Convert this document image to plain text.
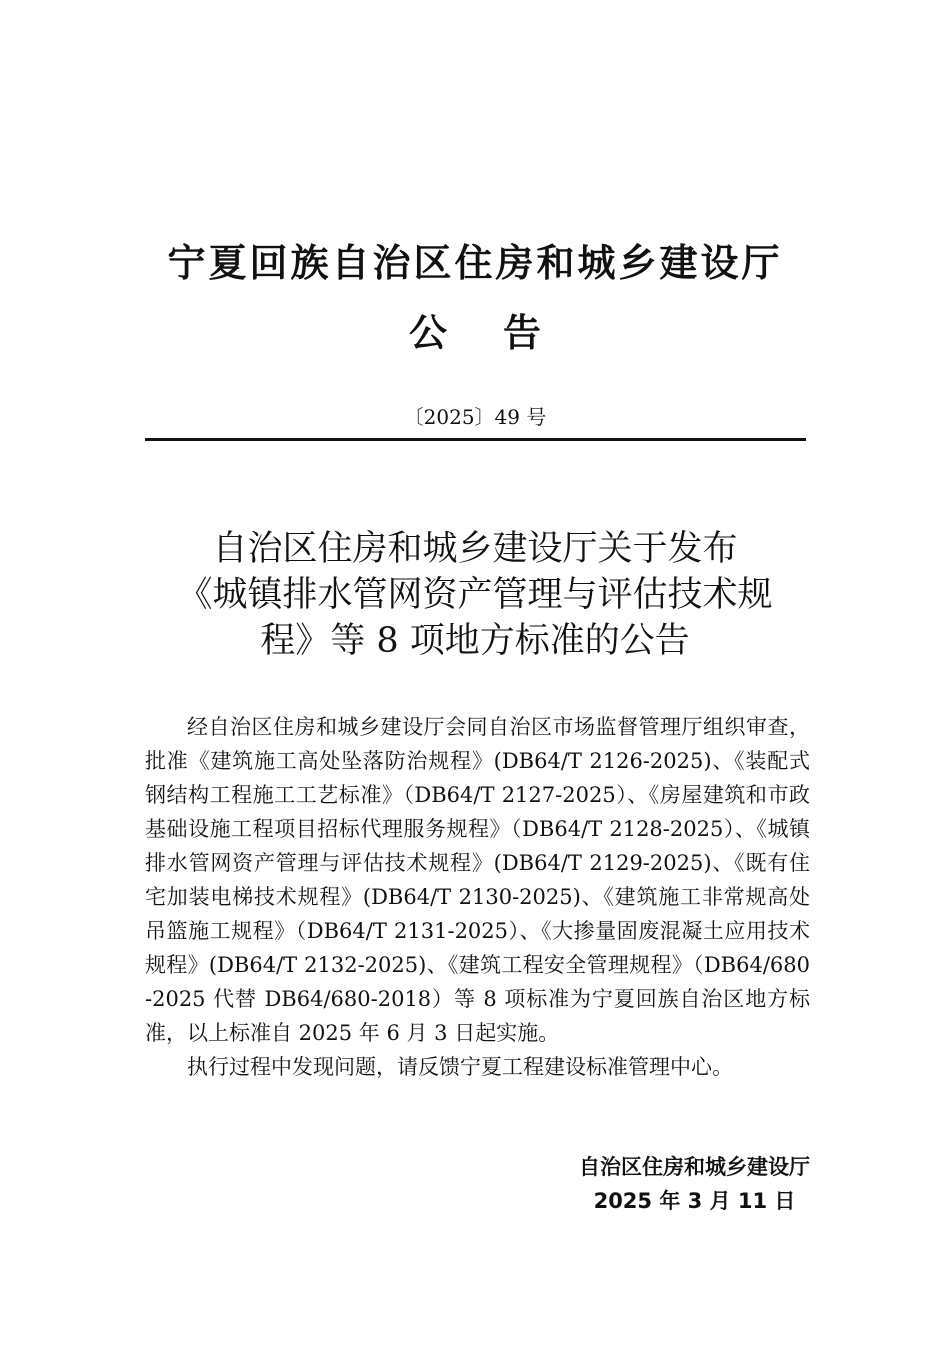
宁夏回族自治区住房和城乡建设厅
公告
〔2025〕49 号
自治区住房和城乡建设厅关于发布
《城镇排水管网资产管理与评估技术规
程》等 8 项地方标准的公告

经自治区住房和城乡建设厅会同自治区市场监督管理厅组织审查，批准《建筑施工高处坠落防治规程》(DB64/T 2126-2025)、《装配式钢结构工程施工工艺标准》（DB64/T 2127-2025）、《房屋建筑和市政基础设施工程项目招标代理服务规程》（DB64/T 2128-2025）、《城镇排水管网资产管理与评估技术规程》(DB64/T 2129-2025)、《既有住宅加装电梯技术规程》(DB64/T 2130-2025)、《建筑施工非常规高处吊篮施工规程》（DB64/T 2131-2025）、《大掺量固废混凝土应用技术规程》(DB64/T 2132-2025)、《建筑工程安全管理规程》（DB64/680-2025 代替 DB64/680-2018）等 8 项标准为宁夏回族自治区地方标准，以上标准自 2025 年 6 月 3 日起实施。

执行过程中发现问题，请反馈宁夏工程建设标准管理中心。

自治区住房和城乡建设厅
2025 年 3 月 11 日
